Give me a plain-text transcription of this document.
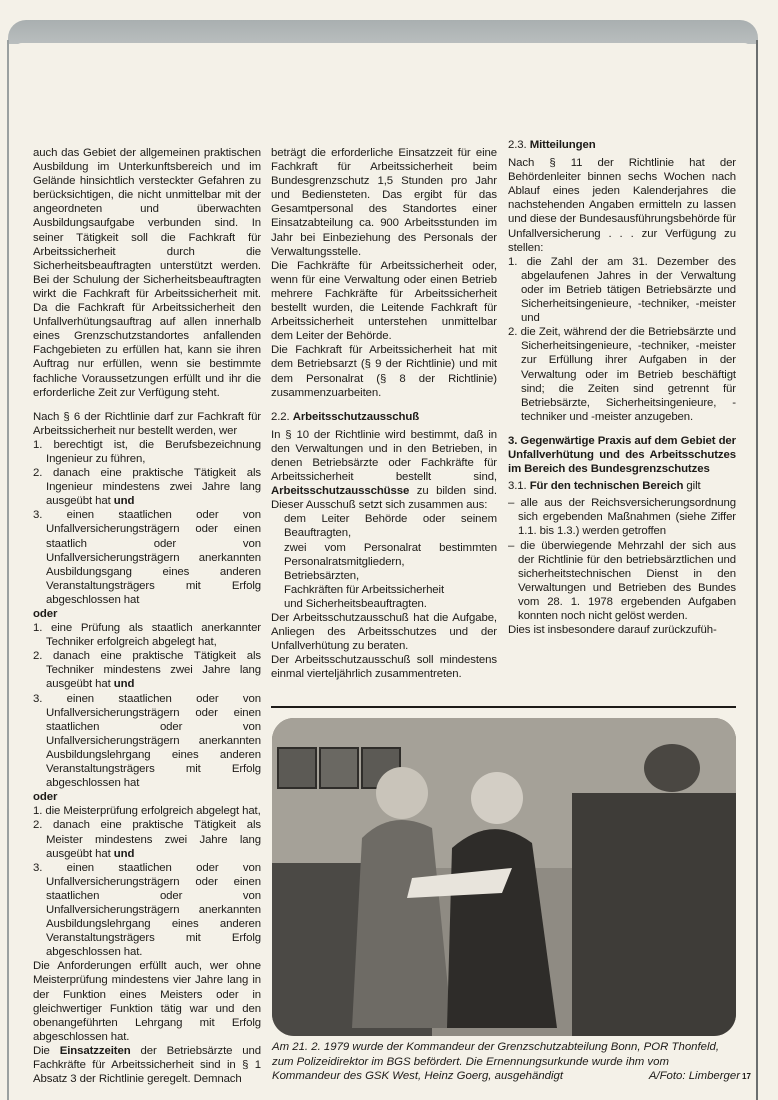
auch das Gebiet der allgemeinen praktischen Ausbildung im Unterkunftsbereich und im Gelände hinsichtlich versteckter Gefahren zu berücksichtigen, die nicht unmittelbar mit der angeordneten und überwachten Ausbildungsaufgabe verbunden sind. In seiner Tätigkeit soll die Fachkraft für Arbeitssicherheit durch die Sicherheitsbeauftragten unterstützt werden. Bei der Schulung der Sicherheitsbeauftragten wirkt die Fachkraft für Arbeitssicherheit mit. Da die Fachkraft für Arbeitssicherheit den Unfallverhütungsauftrag auf allen innerhalb eines Grenzschutzstandortes anfallenden Fachgebieten zu erfüllen hat, kann sie ihren Auftrag nur erfüllen, wenn sie bestimmte fachliche Voraussetzungen erfüllt und ihr die erforderliche Zeit zur Verfügung steht.

Nach § 6 der Richtlinie darf zur Fachkraft für Arbeitssicherheit nur bestellt werden, wer

1. berechtigt ist, die Berufsbezeichnung Ingenieur zu führen,

2. danach eine praktische Tätigkeit als Ingenieur mindestens zwei Jahre lang ausgeübt hat und

3. einen staatlichen oder von Unfallversicherungsträgern oder einen staatlich oder von Unfallversicherungsträgern anerkannten Ausbildungsgang eines anderen Veranstaltungsträgers mit Erfolg abgeschlossen hat

oder

1. eine Prüfung als staatlich anerkannter Techniker erfolgreich abgelegt hat,

2. danach eine praktische Tätigkeit als Techniker mindestens zwei Jahre lang ausgeübt hat und

3. einen staatlichen oder von Unfallversicherungsträgern oder einen staatlichen oder von Unfallversicherungsträgern anerkannten Ausbildungslehrgang eines anderen Veranstaltungsträgers mit Erfolg abgeschlossen hat

oder

1. die Meisterprüfung erfolgreich abgelegt hat,

2. danach eine praktische Tätigkeit als Meister mindestens zwei Jahre lang ausgeübt hat und

3. einen staatlichen oder von Unfallversicherungsträgern oder einen staatlichen oder von Unfallversicherungsträgern anerkannten Ausbildungslehrgang eines anderen Veranstaltungsträgers mit Erfolg abgeschlossen hat.

Die Anforderungen erfüllt auch, wer ohne Meisterprüfung mindestens vier Jahre lang in der Funktion eines Meisters oder in gleichwertiger Funktion tätig war und den obenangeführten Lehrgang mit Erfolg abgeschlossen hat.

Die Einsatzzeiten der Betriebsärzte und Fachkräfte für Arbeitssicherheit sind in § 1 Absatz 3 der Richtlinie geregelt. Demnach

beträgt die erforderliche Einsatzzeit für eine Fachkraft für Arbeitssicherheit beim Bundesgrenzschutz 1,5 Stunden pro Jahr und Bediensteten. Das ergibt für das Gesamtpersonal des Standortes einer Einsatzabteilung ca. 900 Arbeitsstunden im Jahr bei Einbeziehung des Personals der Verwaltungsstelle.

Die Fachkräfte für Arbeitssicherheit oder, wenn für eine Verwaltung oder einen Betrieb mehrere Fachkräfte für Arbeitssicherheit bestellt wurden, die Leitende Fachkraft für Arbeitssicherheit unterstehen unmittelbar dem Leiter der Behörde.

Die Fachkraft für Arbeitssicherheit hat mit dem Betriebsarzt (§ 9 der Richtlinie) und mit dem Personalrat (§ 8 der Richtlinie) zusammenzuarbeiten.

2.2. Arbeitsschutzausschuß

In § 10 der Richtlinie wird bestimmt, daß in den Verwaltungen und in den Betrieben, in denen Betriebsärzte oder Fachkräfte für Arbeitssicherheit bestellt sind, Arbeitsschutzausschüsse zu bilden sind. Dieser Ausschuß setzt sich zusammen aus:

dem Leiter Behörde oder seinem Beauftragten,

zwei vom Personalrat bestimmten Personalratsmitgliedern,

Betriebsärzten,

Fachkräften für Arbeitssicherheit

und Sicherheitsbeauftragten.

Der Arbeitsschutzausschuß hat die Aufgabe, Anliegen des Arbeitsschutzes und der Unfallverhütung zu beraten.

Der Arbeitsschutzausschuß soll mindestens einmal vierteljährlich zusammentreten.

2.3. Mitteilungen

Nach § 11 der Richtlinie hat der Behördenleiter binnen sechs Wochen nach Ablauf eines jeden Kalenderjahres die nachstehenden Angaben ermitteln zu lassen und diese der Bundesausführungsbehörde für Unfallversicherung . . . zur Verfügung zu stellen:

1. die Zahl der am 31. Dezember des abgelaufenen Jahres in der Verwaltung oder im Betrieb tätigen Betriebsärzte und Sicherheitsingenieure, -techniker, -meister und

2. die Zeit, während der die Betriebsärzte und Sicherheitsingenieure, -techniker, -meister zur Erfüllung ihrer Aufgaben in der Verwaltung oder im Betrieb beschäftigt sind; die Zeiten sind getrennt für Betriebsärzte, Sicherheitsingenieure, -techniker und -meister anzugeben.

3. Gegenwärtige Praxis auf dem Gebiet der Unfallverhütung und des Arbeitsschutzes im Bereich des Bundesgrenzschutzes
3.1. Für den technischen Bereich gilt

– alle aus der Reichsversicherungsordnung sich ergebenden Maßnahmen (siehe Ziffer 1.1. bis 1.3.) werden getroffen

– die überwiegende Mehrzahl der sich aus der Richtlinie für den betriebsärztlichen und sicherheitstechnischen Dienst in den Verwaltungen und Betrieben des Bundes vom 28. 1. 1978 ergebenden Aufgaben konnten noch nicht gelöst werden.

Dies ist insbesondere darauf zurückzufüh-

Am 21. 2. 1979 wurde der Kommandeur der Grenzschutzabteilung Bonn, POR Thonfeld, zum Polizeidirektor im BGS befördert. Die Ernennungsurkunde wurde ihm vom Kommandeur des GSK West, Heinz Goerg, ausgehändigt	A/Foto: Limberger 17
